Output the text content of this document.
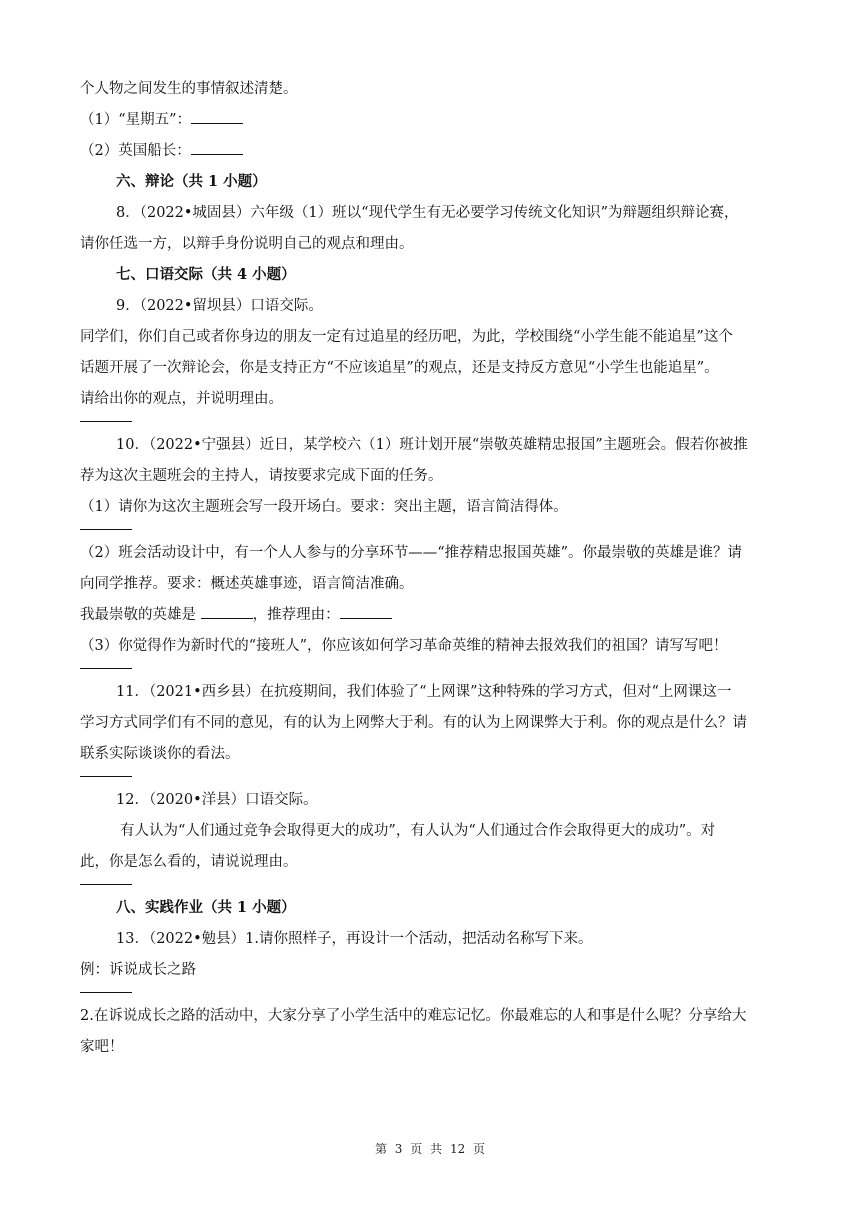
个人物之间发生的事情叙述清楚。

（1）“星期五”：

（2）英国船长：

六、辩论（共 1 小题）

8．（2022•城固县）六年级（1）班以“现代学生有无必要学习传统文化知识”为辩题组织辩论赛，

请你任选一方，以辩手身份说明自己的观点和理由。

七、口语交际（共 4 小题）

9．（2022•留坝县）口语交际。

同学们，你们自己或者你身边的朋友一定有过追星的经历吧，为此，学校围绕“小学生能不能追星”这个

话题开展了一次辩论会，你是支持正方“不应该追星”的观点，还是支持反方意见“小学生也能追星”。

请给出你的观点，并说明理由。

10．（2022•宁强县）近日，某学校六（1）班计划开展“崇敬英雄精忠报国”主题班会。假若你被推

荐为这次主题班会的主持人，请按要求完成下面的任务。

（1）请你为这次主题班会写一段开场白。要求：突出主题，语言简洁得体。

（2）班会活动设计中，有一个人人参与的分享环节——“推荐精忠报国英雄”。你最崇敬的英雄是谁？请

向同学推荐。要求：概述英雄事迹，语言简洁准确。

我最崇敬的英雄是	，推荐理由：

（3）你觉得作为新时代的“接班人”，你应该如何学习革命英维的精神去报效我们的祖国？请写写吧！

11．（2021•西乡县）在抗疫期间，我们体验了“上网课”这种特殊的学习方式，但对“上网课这一

学习方式同学们有不同的意见，有的认为上网弊大于利。有的认为上网课弊大于利。你的观点是什么？请

联系实际谈谈你的看法。

12．（2020•洋县）口语交际。

有人认为“人们通过竞争会取得更大的成功”，有人认为“人们通过合作会取得更大的成功”。对

此，你是怎么看的，请说说理由。

八、实践作业（共 1 小题）

13．（2022•勉县）1.请你照样子，再设计一个活动，把活动名称写下来。

例：诉说成长之路

2.在诉说成长之路的活动中，大家分享了小学生活中的难忘记忆。你最难忘的人和事是什么呢？分享给大

家吧！

第 3 页 共 12 页
